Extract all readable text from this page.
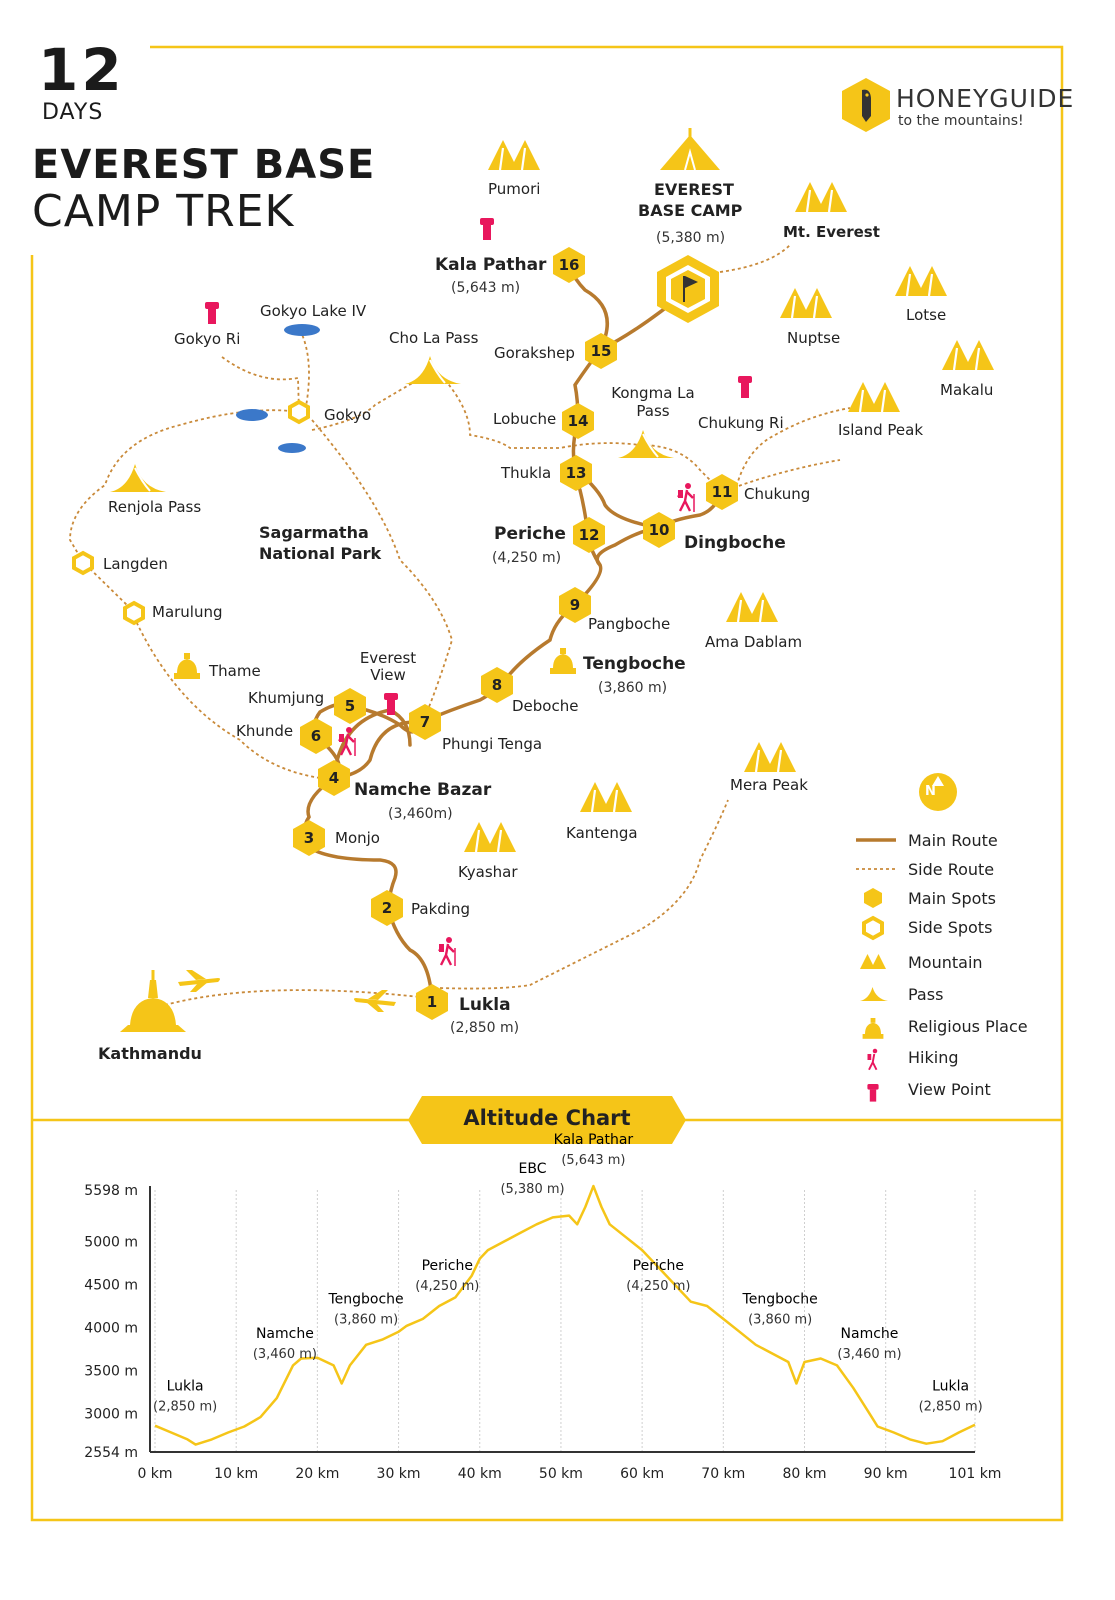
12
DAYS
EVEREST BASE
CAMP TREK
HONEYGUIDE
to the mountains!
1
2
3
4
5
6
7
8
9
10
11
12
13
14
15
16
Pumori
Mt. Everest
Nuptse
Lotse
Makalu
Island Peak
Ama Dablam
Mera Peak
Kantenga
Kyashar
Cho La Pass
Kongma La Pass
Renjola Pass
Thame	Tengboche
(3,860 m)
Kathmandu
EVEREST
BASE CAMP
(5,380 m)
Gokyo Ri
Chukung Ri
Everest View
Gokyo Lake IV
Sagarmatha
National Park
Gokyo
Langden
Marulung
Lukla
(2,850 m)
Pakding
Monjo
Namche Bazar
(3,460m)
Khumjung
Khunde
Phungi Tenga
Deboche
Pangboche
Dingboche
Chukung
Periche
(4,250 m)
Thukla
Lobuche
Gorakshep
Kala Pathar
(5,643 m)
N
Main Route
Side Route
Main Spots
Side Spots
Mountain
Pass
Religious Place
Hiking
View Point
Altitude Chart
0 km	10 km	20 km	30 km	40 km	50 km	60 km	70 km	80 km	90 km	101 km
5598 m
5000 m
4500 m
4000 m
3500 m
3000 m
2554 m
Lukla
(2,850 m)
Namche
(3,460 m)
Tengboche
(3,860 m)
Periche
(4,250 m)
EBC
(5,380 m)
Kala Pathar
(5,643 m)
Periche
(4,250 m)
Tengboche
(3,860 m)
Namche
(3,460 m)
Lukla
(2,850 m)
